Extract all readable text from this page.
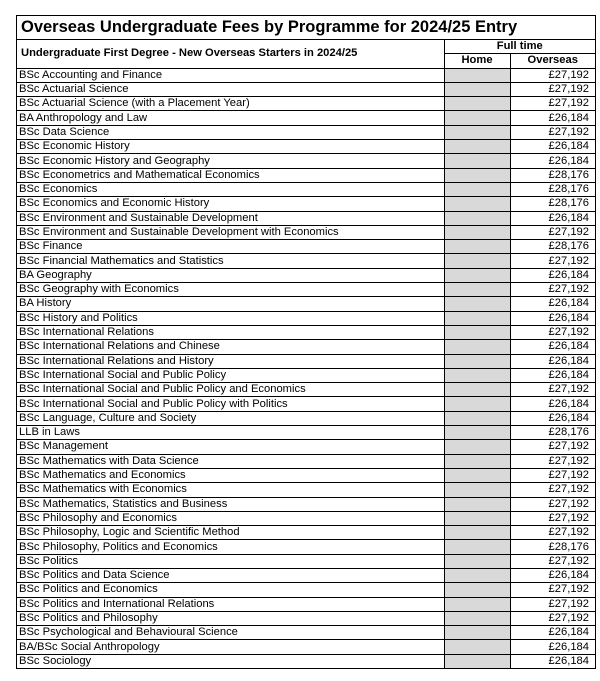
Overseas Undergraduate Fees by Programme for 2024/25 Entry
Undergraduate First Degree - New Overseas Starters in 2024/25	Full time	
	Home	Overseas
BSc Accounting and Finance		£27,192
BSc Actuarial Science		£27,192
BSc Actuarial Science (with a Placement Year)		£27,192
BA Anthropology and Law		£26,184
BSc Data Science		£27,192
BSc Economic History		£26,184
BSc Economic History and Geography		£26,184
BSc Econometrics and Mathematical Economics		£28,176
BSc Economics		£28,176
BSc Economics and Economic History		£28,176
BSc Environment and Sustainable Development		£26,184
BSc Environment and Sustainable Development with Economics		£27,192
BSc Finance		£28,176
BSc Financial Mathematics and Statistics		£27,192
BA Geography		£26,184
BSc Geography with Economics		£27,192
BA History		£26,184
BSc History and Politics		£26,184
BSc International Relations		£27,192
BSc International Relations and Chinese		£26,184
BSc International Relations and History		£26,184
BSc International Social and Public Policy		£26,184
BSc International Social and Public Policy and Economics		£27,192
BSc International Social and Public Policy with Politics		£26,184
BSc Language, Culture and Society		£26,184
LLB in Laws		£28,176
BSc Management		£27,192
BSc Mathematics with Data Science		£27,192
BSc Mathematics and Economics		£27,192
BSc Mathematics with Economics		£27,192
BSc Mathematics, Statistics and Business		£27,192
BSc Philosophy and Economics		£27,192
BSc Philosophy, Logic and Scientific Method		£27,192
BSc Philosophy, Politics and Economics		£28,176
BSc Politics		£27,192
BSc Politics and Data Science		£26,184
BSc Politics and Economics		£27,192
BSc Politics and International Relations		£27,192
BSc Politics and Philosophy		£27,192
BSc Psychological and Behavioural Science		£26,184
BA/BSc Social Anthropology		£26,184
BSc Sociology		£26,184
